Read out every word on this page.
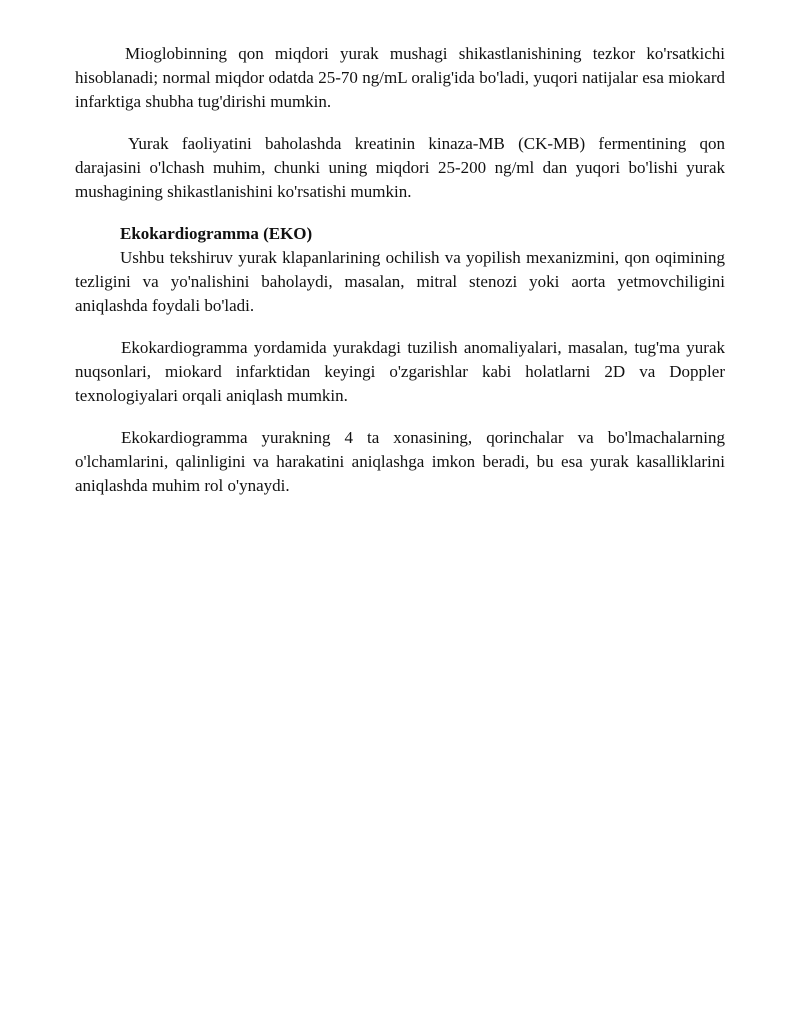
Mioglobinning qon miqdori yurak mushagi shikastlanishining tezkor ko'rsatkichi hisoblanadi; normal miqdor odatda 25-70 ng/mL oralig'ida bo'ladi, yuqori natijalar esa miokard infarktiga shubha tug'dirishi mumkin.

Yurak faoliyatini baholashda kreatinin kinaza-MB (CK-MB) fermentining qon darajasini o'lchash muhim, chunki uning miqdori 25-200 ng/ml dan yuqori bo'lishi yurak mushagining shikastlanishini ko'rsatishi mumkin.

Ekokardiogramma (EKO)

Ushbu tekshiruv yurak klapanlarining ochilish va yopilish mexanizmini, qon oqimining tezligini va yo'nalishini baholaydi, masalan, mitral stenozi yoki aorta yetmovchiligini aniqlashda foydali bo'ladi.

Ekokardiogramma yordamida yurakdagi tuzilish anomaliyalari, masalan, tug'ma yurak nuqsonlari, miokard infarktidan keyingi o'zgarishlar kabi holatlarni 2D va Doppler texnologiyalari orqali aniqlash mumkin.

Ekokardiogramma yurakning 4 ta xonasining, qorinchalar va bo'lmachalarning o'lchamlarini, qalinligini va harakatini aniqlashga imkon beradi, bu esa yurak kasalliklarini aniqlashda muhim rol o'ynaydi.
